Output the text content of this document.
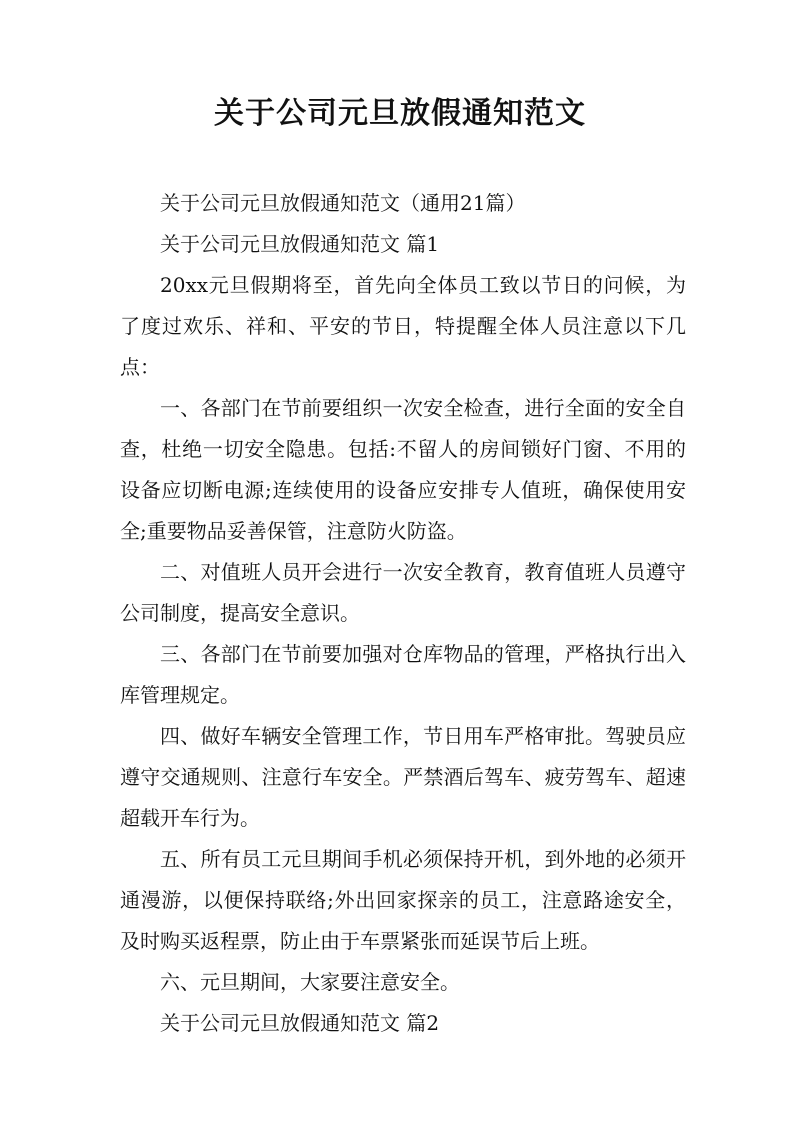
关于公司元旦放假通知范文

关于公司元旦放假通知范文（通用21篇）

关于公司元旦放假通知范文 篇1

20xx元旦假期将至，首先向全体员工致以节日的问候，为了度过欢乐、祥和、平安的节日，特提醒全体人员注意以下几点：

一、各部门在节前要组织一次安全检查，进行全面的安全自查，杜绝一切安全隐患。包括:不留人的房间锁好门窗、不用的设备应切断电源;连续使用的设备应安排专人值班，确保使用安全;重要物品妥善保管，注意防火防盗。

二、对值班人员开会进行一次安全教育，教育值班人员遵守公司制度，提高安全意识。

三、各部门在节前要加强对仓库物品的管理，严格执行出入库管理规定。

四、做好车辆安全管理工作，节日用车严格审批。驾驶员应遵守交通规则、注意行车安全。严禁酒后驾车、疲劳驾车、超速超载开车行为。

五、所有员工元旦期间手机必须保持开机，到外地的必须开通漫游，以便保持联络;外出回家探亲的员工，注意路途安全，及时购买返程票，防止由于车票紧张而延误节后上班。

六、元旦期间，大家要注意安全。

关于公司元旦放假通知范文 篇2
